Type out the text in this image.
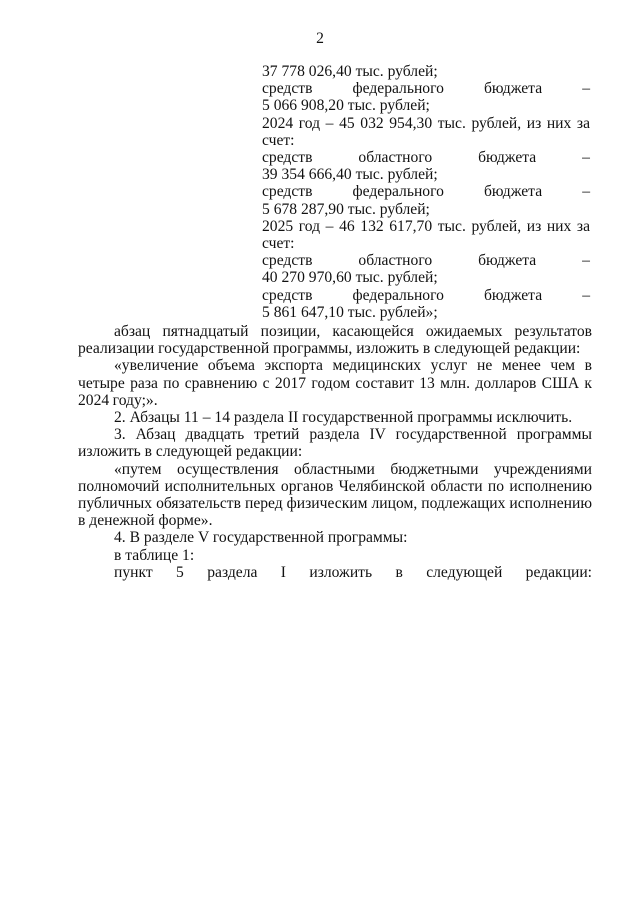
2
37 778 026,40 тыс. рублей;
средств	федерального	бюджета	–
5 066 908,20 тыс. рублей;
2024 год – 45 032 954,30 тыс. рублей, из них за
счет:
средств	областного	бюджета	–
39 354 666,40 тыс. рублей;
средств	федерального	бюджета	–
5 678 287,90 тыс. рублей;
2025 год – 46 132 617,70 тыс. рублей, из них за
счет:
средств	областного	бюджета	–
40 270 970,60 тыс. рублей;
средств	федерального	бюджета	–
5 861 647,10 тыс. рублей»;

абзац пятнадцатый позиции, касающейся ожидаемых результатов реализации государственной программы, изложить в следующей редакции:

«увеличение объема экспорта медицинских услуг не менее чем в четыре раза по сравнению с 2017 годом составит 13 млн. долларов США к 2024 году;».

2. Абзацы 11 – 14 раздела II государственной программы исключить.

3. Абзац двадцать третий раздела IV государственной программы изложить в следующей редакции:

«путем осуществления областными бюджетными учреждениями полномочий исполнительных органов Челябинской области по исполнению публичных обязательств перед физическим лицом, подлежащих исполнению в денежной форме».

4. В разделе V государственной программы:

в таблице 1:

пункт 5 раздела I изложить в следующей редакции:
